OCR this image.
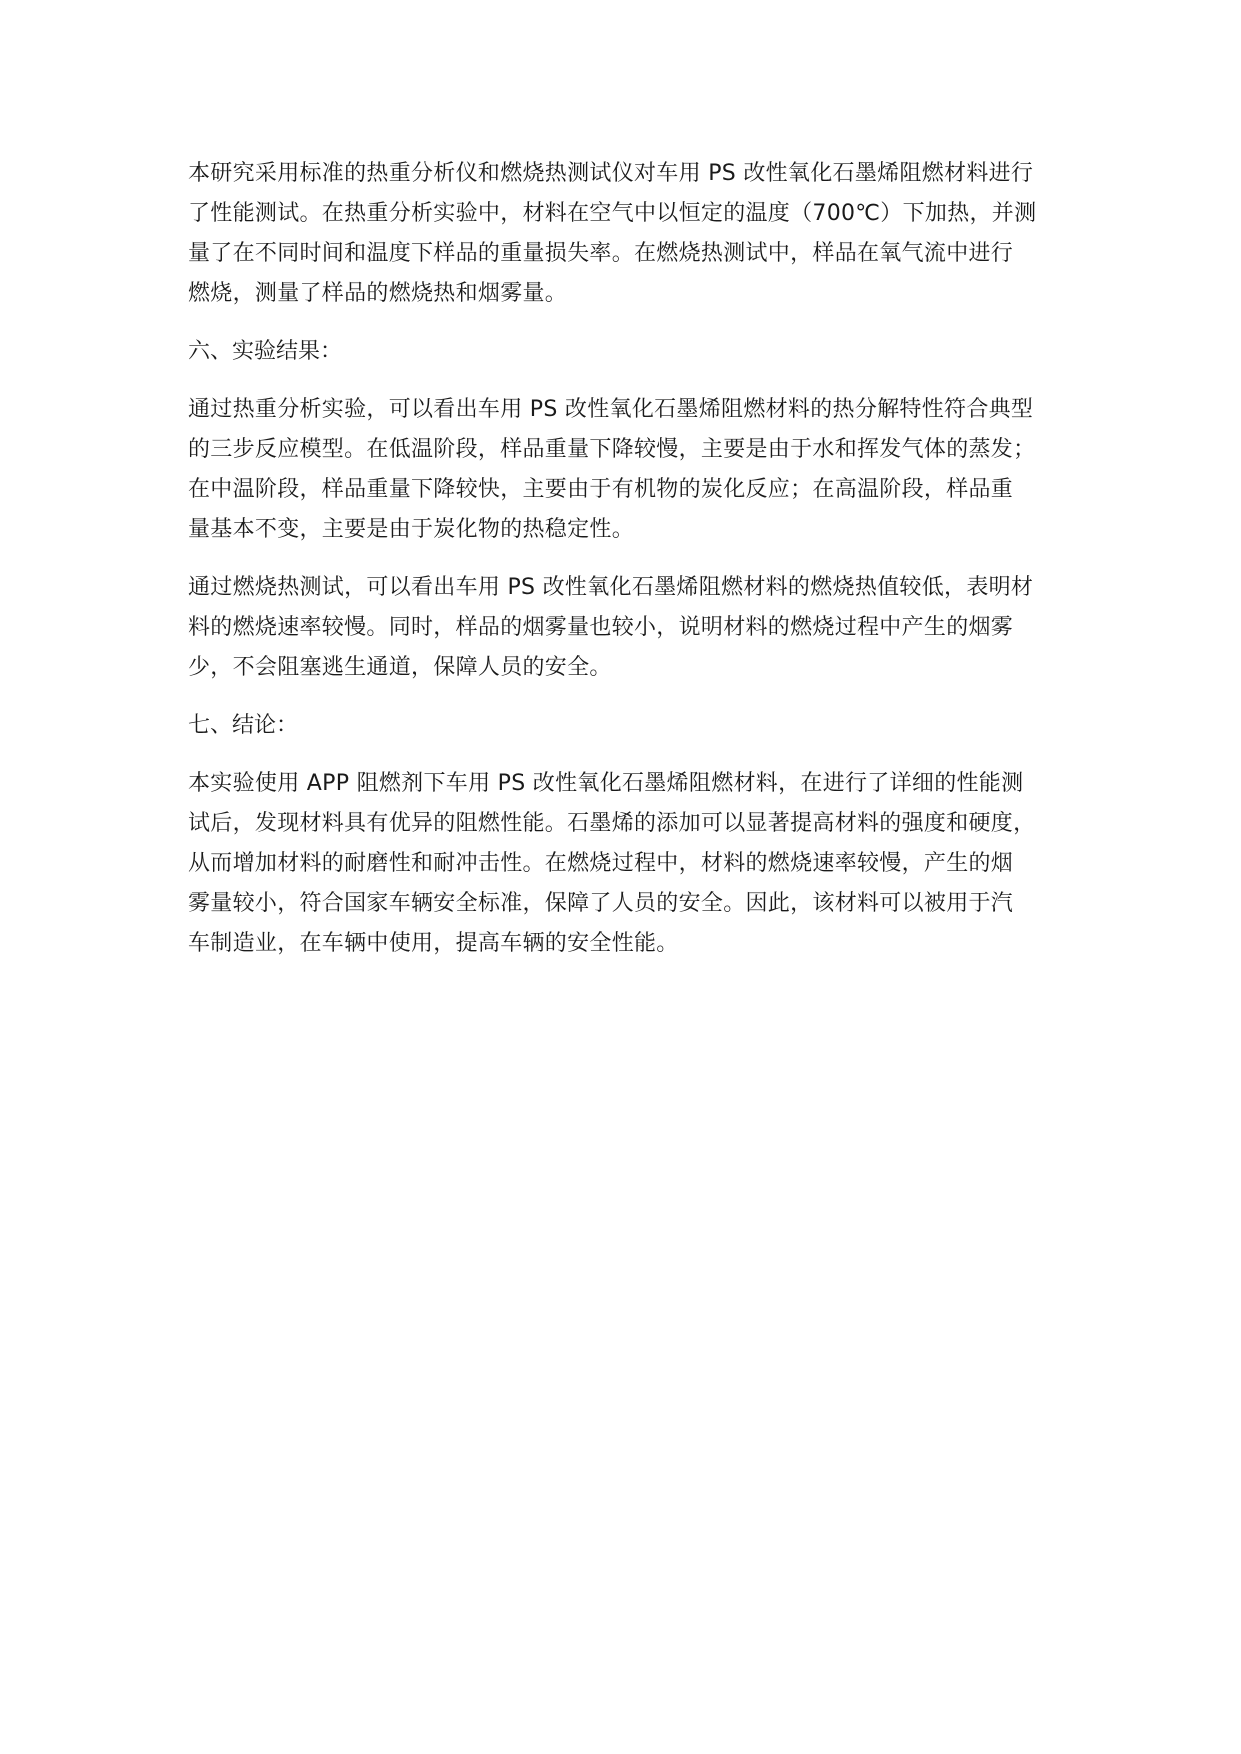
本研究采用标准的热重分析仪和燃烧热测试仪对车用 PS 改性氧化石墨烯阻燃材料进行
了性能测试。在热重分析实验中，材料在空气中以恒定的温度（700℃）下加热，并测
量了在不同时间和温度下样品的重量损失率。在燃烧热测试中，样品在氧气流中进行
燃烧，测量了样品的燃烧热和烟雾量。

六、实验结果：

通过热重分析实验，可以看出车用 PS 改性氧化石墨烯阻燃材料的热分解特性符合典型
的三步反应模型。在低温阶段，样品重量下降较慢，主要是由于水和挥发气体的蒸发；
在中温阶段，样品重量下降较快，主要由于有机物的炭化反应；在高温阶段，样品重
量基本不变，主要是由于炭化物的热稳定性。

通过燃烧热测试，可以看出车用 PS 改性氧化石墨烯阻燃材料的燃烧热值较低，表明材
料的燃烧速率较慢。同时，样品的烟雾量也较小，说明材料的燃烧过程中产生的烟雾
少，不会阻塞逃生通道，保障人员的安全。

七、结论：

本实验使用 APP 阻燃剂下车用 PS 改性氧化石墨烯阻燃材料，在进行了详细的性能测
试后，发现材料具有优异的阻燃性能。石墨烯的添加可以显著提高材料的强度和硬度，
从而增加材料的耐磨性和耐冲击性。在燃烧过程中，材料的燃烧速率较慢，产生的烟
雾量较小，符合国家车辆安全标准，保障了人员的安全。因此，该材料可以被用于汽
车制造业，在车辆中使用，提高车辆的安全性能。
